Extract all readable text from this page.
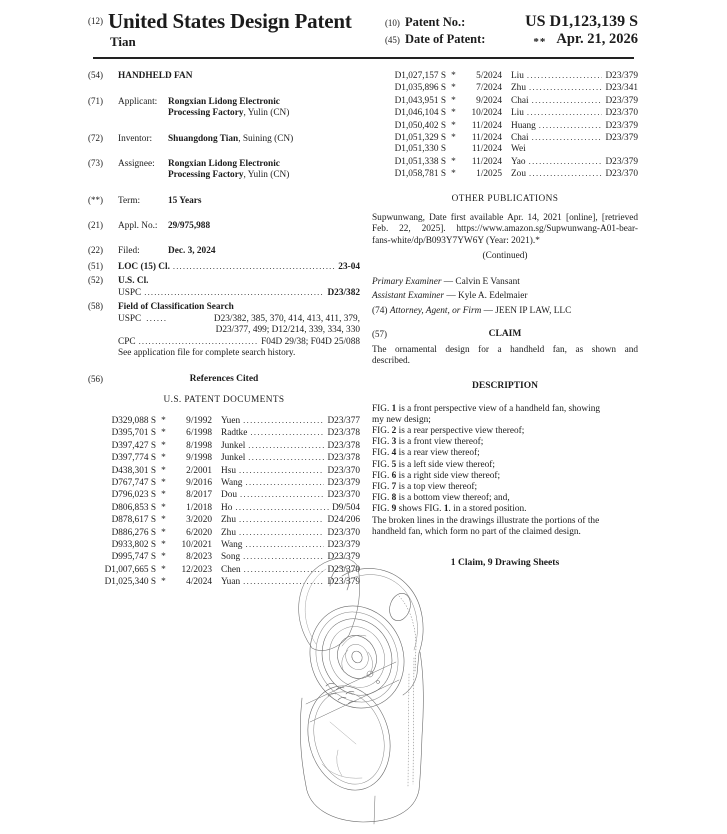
(12) United States Design Patent
Tian
(10) Patent No.:	US D1,123,139 S
(45) Date of Patent:	** Apr. 21, 2026
(54)	HANDHELD FAN
(71)	Applicant:	Rongxian Lidong Electronic
Processing Factory, Yulin (CN)
(72)	Inventor:	Shuangdong Tian, Suining (CN)
(73)	Assignee:	Rongxian Lidong Electronic
Processing Factory, Yulin (CN)
(**)	Term:	15 Years
(21)	Appl. No.:	29/975,988
(22)	Filed:	Dec. 3, 2024
(51)	LOC (15) Cl. .....	23-04
(52)	U.S. Cl.
USPC .....	D23/382
(58)	Field of Classification Search
USPC ......	D23/382, 385, 370, 414, 413, 411, 379,
D23/377, 499; D12/214, 339, 334, 330
CPC .....	F04D 29/38; F04D 25/088
See application file for complete search history.
(56)	References Cited
U.S. PATENT DOCUMENTS
D329,088 S *	9/1992 Yuen .....	D23/377
D395,701 S *	6/1998 Radtke .....	D23/378
D397,427 S *	8/1998 Junkel .....	D23/378
D397,774 S *	9/1998 Junkel .....	D23/378
D438,301 S *	2/2001 Hsu .....	D23/370
D767,747 S *	9/2016 Wang .....	D23/379
D796,023 S *	8/2017 Dou .....	D23/370
D806,853 S *	1/2018 Ho .....	D9/504
D878,617 S *	3/2020 Zhu .....	D24/206
D886,276 S *	6/2020 Zhu .....	D23/370
D933,802 S *	10/2021 Wang .....	D23/379
D995,747 S *	8/2023 Song .....	D23/379
D1,007,665 S *	12/2023 Chen .....	D23/370
D1,025,340 S *	4/2024 Yuan .....	D23/379
D1,027,157 S *	5/2024 Liu .....	D23/379
D1,035,896 S *	7/2024 Zhu .....	D23/341
D1,043,951 S *	9/2024 Chai .....	D23/379
D1,046,104 S *	10/2024 Liu .....	D23/370
D1,050,402 S *	11/2024 Huang .....	D23/379
D1,051,329 S *	11/2024 Chai .....	D23/379
D1,051,330 S	11/2024 Wei
D1,051,338 S *	11/2024 Yao .....	D23/379
D1,058,781 S *	1/2025 Zou .....	D23/370
OTHER PUBLICATIONS
Supwunwang, Date first available Apr. 14, 2021 [online], [retrieved
Feb. 22, 2025]. https://www.amazon.sg/Supwunwang-A01-bear-
fans-white/dp/B093Y7YW6Y (Year: 2021).*
(Continued)
Primary Examiner — Calvin E Vansant
Assistant Examiner — Kyle A. Edelmaier
(74) Attorney, Agent, or Firm — JEEN IP LAW, LLC
(57)	CLAIM
The ornamental design for a handheld fan, as shown and
described.
DESCRIPTION
FIG. 1 is a front perspective view of a handheld fan, showing
my new design;
FIG. 2 is a rear perspective view thereof;
FIG. 3 is a front view thereof;
FIG. 4 is a rear view thereof;
FIG. 5 is a left side view thereof;
FIG. 6 is a right side view thereof;
FIG. 7 is a top view thereof;
FIG. 8 is a bottom view thereof; and,
FIG. 9 shows FIG. 1. in a stored position.
The broken lines in the drawings illustrate the portions of the
handheld fan, which form no part of the claimed design.
1 Claim, 9 Drawing Sheets
